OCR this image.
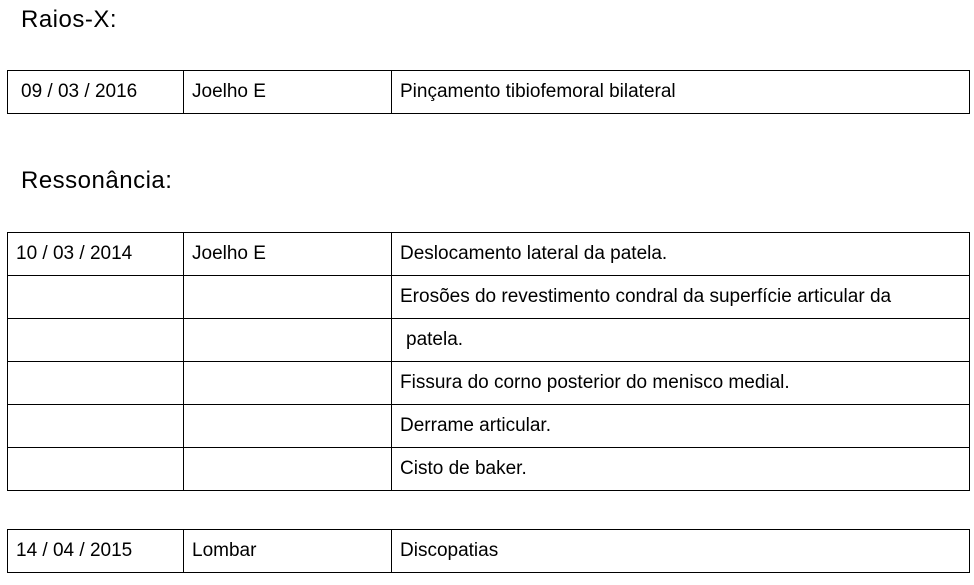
Raios-X:
09 / 03 / 2016	Joelho E	Pinçamento tibiofemoral bilateral
Ressonância:
10 / 03 / 2014	Joelho E	Deslocamento lateral da patela.
		Erosões do revestimento condral da superfície articular da
		patela.
		Fissura do corno posterior do menisco medial.
		Derrame articular.
		Cisto de baker.
14 / 04 / 2015	Lombar	Discopatias
